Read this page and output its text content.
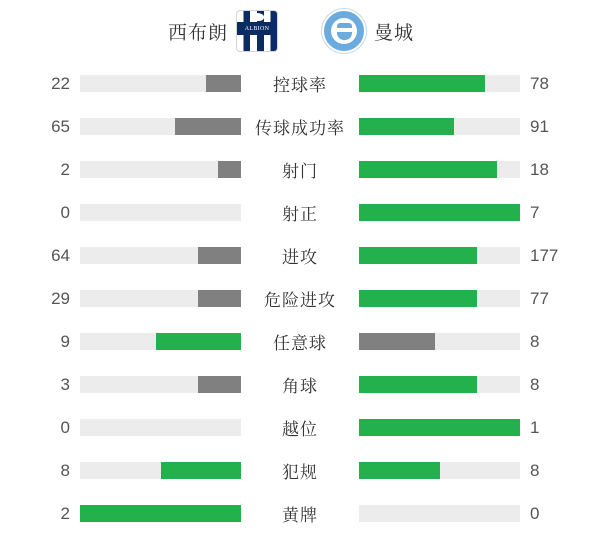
西布朗	ALBION	曼城
22	控球率	78
65	传球成功率	91
2	射门	18
0	射正	7
64	进攻	177
29	危险进攻	77
9	任意球	8
3	角球	8
0	越位	1
8	犯规	8
2	黄牌	0
